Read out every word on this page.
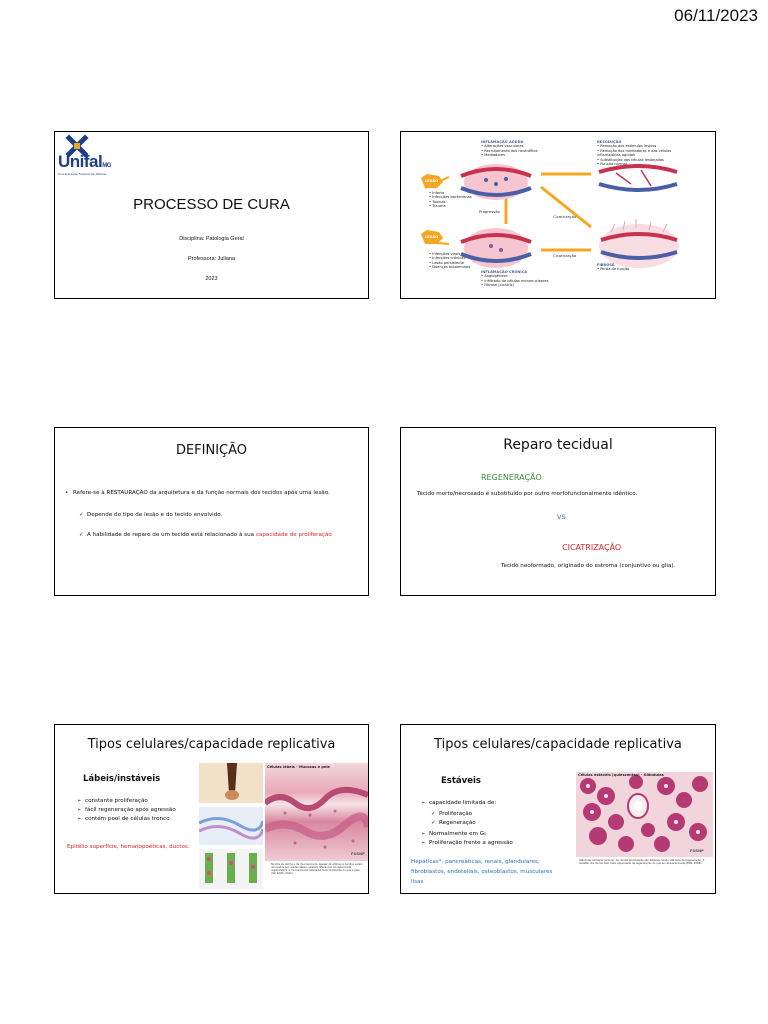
06/11/2023
UnifalMG
Universidade Federal de Alfenas
PROCESSO DE CURA
Disciplina: Patologia Geral
Professora: Juliana
2023
INFLAMAÇÃO AGUDA
• Alterações vasculares
• Recrutamento dos neutrófilos
• Mediadores
RESOLUÇÃO
• Remoção dos estímulos lesivos
• Remoção dos mediadores e das células
inflamatórias agudas
• Substituição das células lesionadas
• Função normal
LESÃO
• Infarto
• Infecções bacterianas
• Toxinas
• Trauma
Progressão
Cicatrização
Cicatrização
LESÃO
• Infecções virais
• Infecções crônicas
• Lesão persistente
• Doenças autoimunes
INFLAMAÇÃO CRÔNICA
• Angiogênese
• Infiltrado de células mononucleares
• Fibrose (cicatriz)
FIBROSE
• Perda de função
DEFINIÇÃO
• Refere-se à RESTAURAÇÃO da arquitetura e da função normais dos tecidos após uma lesão.
✓ Depende do tipo de lesão e do tecido envolvido.
✓ A habilidade de reparo de um tecido está relacionado à sua capacidade de proliferação
Reparo tecidual
REGENERAÇÃO
Tecido morto/necrosado é substituído por outro morfofuncionalmente idêntico.
VS
CICATRIZAÇÃO
Tecido neoformado, originado do estroma (conjuntivo ou glia).
Tipos celulares/capacidade replicativa
Lábeis/instáveis
➢ constante proliferação
➢ fácil regeneração após agressão
➢ contém pool de células tronco
Epitélio superfície, hematopoéticas, ductos.
Células lábeis - Mucosas e pele
FOSNP
Tecidos da derme e da mucosa bucal. Apesar de ambos os tecidos serem renovados por células lábeis, existem diferenças na capacidade regenerativa: a mucosa bucal repara-se mais facilmente do que a pele (ref. 2020c.2021).
Tipos celulares/capacidade replicativa
Estáveis
➢ capacidade limitada de:
✓ Proliferação
✓ Regeneração
➢ Normalmente em G₀
➢ Proliferação frente a agressão
Hepáticas*, pancreáticas, renais, glandulares, fibroblastos, endoteliais, osteoblastos, musculares lisas
Células estáveis (quiescentes) - Glândulas
FOSNP
Glândulas salivares (ácinos): As células glandulares são estáveis, tendo alta taxa de regeneração. A questão dos ductos tem mais capacidade de regeneração do que as células acinares (ENS, 2008).
